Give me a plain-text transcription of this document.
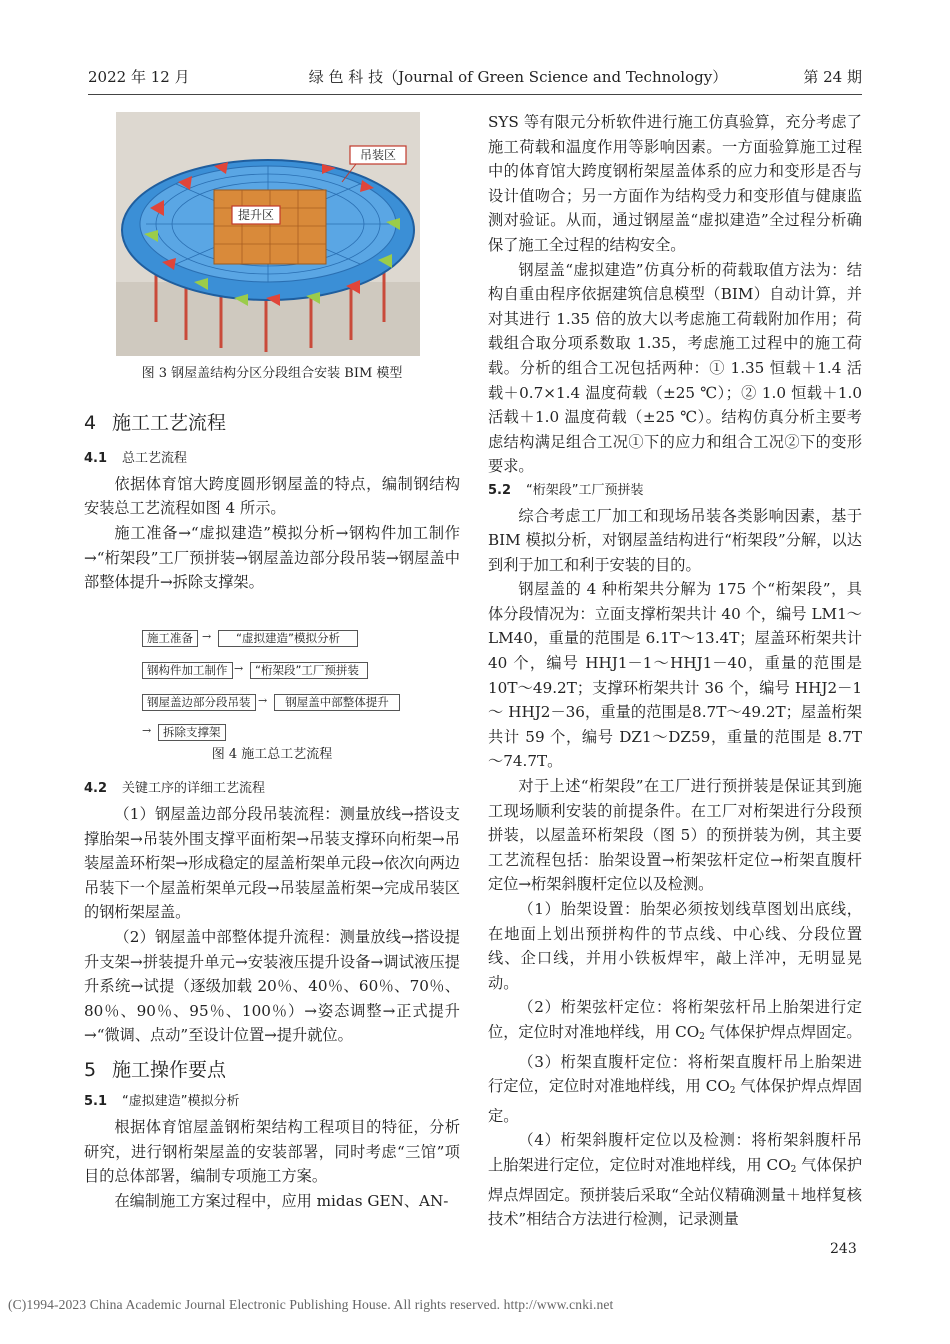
2022 年 12 月	绿 色 科 技（Journal of Green Science and Technology）	第 24 期
吊装区
提升区
图 3 钢屋盖结构分区分段组合安装 BIM 模型
4 施工工艺流程
4.1 总工艺流程
依据体育馆大跨度圆形钢屋盖的特点，编制钢结构安装总工艺流程如图 4 所示。
施工准备→“虚拟建造”模拟分析→钢构件加工制作→“桁架段”工厂预拼装→钢屋盖边部分段吊装→钢屋盖中部整体提升→拆除支撑架。
图 4 施工总工艺流程
4.2 关键工序的详细工艺流程
（1）钢屋盖边部分段吊装流程：测量放线→搭设支撑胎架→吊装外围支撑平面桁架→吊装支撑环向桁架→吊装屋盖环桁架→形成稳定的屋盖桁架单元段→依次向两边吊装下一个屋盖桁架单元段→吊装屋盖桁架→完成吊装区的钢桁架屋盖。
（2）钢屋盖中部整体提升流程：测量放线→搭设提升支架→拼装提升单元→安装液压提升设备→调试液压提升系统→试提（逐级加载 20％、40％、60％、70％、80％、90％、95％、100％）→姿态调整→正式提升→“微调、点动”至设计位置→提升就位。
5 施工操作要点
5.1 “虚拟建造”模拟分析
根据体育馆屋盖钢桁架结构工程项目的特征，分析研究，进行钢桁架屋盖的安装部署，同时考虑“三馆”项目的总体部署，编制专项施工方案。
在编制施工方案过程中，应用 midas GEN、AN-
施工准备 →	“虚拟建造”模拟分析
钢构件加工制作 →	“桁架段”工厂预拼装
钢屋盖边部分段吊装 →	钢屋盖中部整体提升
→	拆除支撑架
SYS 等有限元分析软件进行施工仿真验算，充分考虑了施工荷载和温度作用等影响因素。一方面验算施工过程中的体育馆大跨度钢桁架屋盖体系的应力和变形是否与设计值吻合；另一方面作为结构受力和变形值与健康监测对验证。从而，通过钢屋盖“虚拟建造”全过程分析确保了施工全过程的结构安全。
钢屋盖“虚拟建造”仿真分析的荷载取值方法为：结构自重由程序依据建筑信息模型（BIM）自动计算，并对其进行 1.35 倍的放大以考虑施工荷载附加作用；荷载组合取分项系数取 1.35，考虑施工过程中的施工荷载。分析的组合工况包括两种：① 1.35 恒载＋1.4 活载＋0.7×1.4 温度荷载（±25 ℃）；② 1.0 恒载＋1.0 活载＋1.0 温度荷载（±25 ℃）。结构仿真分析主要考虑结构满足组合工况①下的应力和组合工况②下的变形要求。
5.2 “桁架段”工厂预拼装
综合考虑工厂加工和现场吊装各类影响因素，基于 BIM 模拟分析，对钢屋盖结构进行“桁架段”分解，以达到利于加工和利于安装的目的。
钢屋盖的 4 种桁架共分解为 175 个“桁架段”，具体分段情况为：立面支撑桁架共计 40 个，编号 LM1～LM40，重量的范围是 6.1T～13.4T；屋盖环桁架共计 40 个，编号 HHJ1－1～HHJ1－40，重量的范围是 10T～49.2T；支撑环桁架共计 36 个，编号 HHJ2－1～ HHJ2－36，重量的范围是8.7T～49.2T；屋盖桁架共计 59 个，编号 DZ1～DZ59，重量的范围是 8.7T～74.7T。
对于上述“桁架段”在工厂进行预拼装是保证其到施工现场顺利安装的前提条件。在工厂对桁架进行分段预拼装，以屋盖环桁架段（图 5）的预拼装为例，其主要工艺流程包括：胎架设置→桁架弦杆定位→桁架直腹杆定位→桁架斜腹杆定位以及检测。
（1）胎架设置：胎架必须按划线草图划出底线，在地面上划出预拼构件的节点线、中心线、分段位置线、企口线，并用小铁板焊牢，敲上洋冲，无明显晃动。
（2）桁架弦杆定位：将桁架弦杆吊上胎架进行定位，定位时对准地样线，用 $CO_2$ 气体保护焊点焊固定。
（3）桁架直腹杆定位：将桁架直腹杆吊上胎架进行定位，定位时对准地样线，用 $CO_2$ 气体保护焊点焊固定。
（4）桁架斜腹杆定位以及检测：将桁架斜腹杆吊上胎架进行定位，定位时对准地样线，用 $CO_2$ 气体保护焊点焊固定。预拼装后采取“全站仪精确测量＋地样复核技术”相结合方法进行检测，记录测量
243
(C)1994-2023 China Academic Journal Electronic Publishing House. All rights reserved. http://www.cnki.net
